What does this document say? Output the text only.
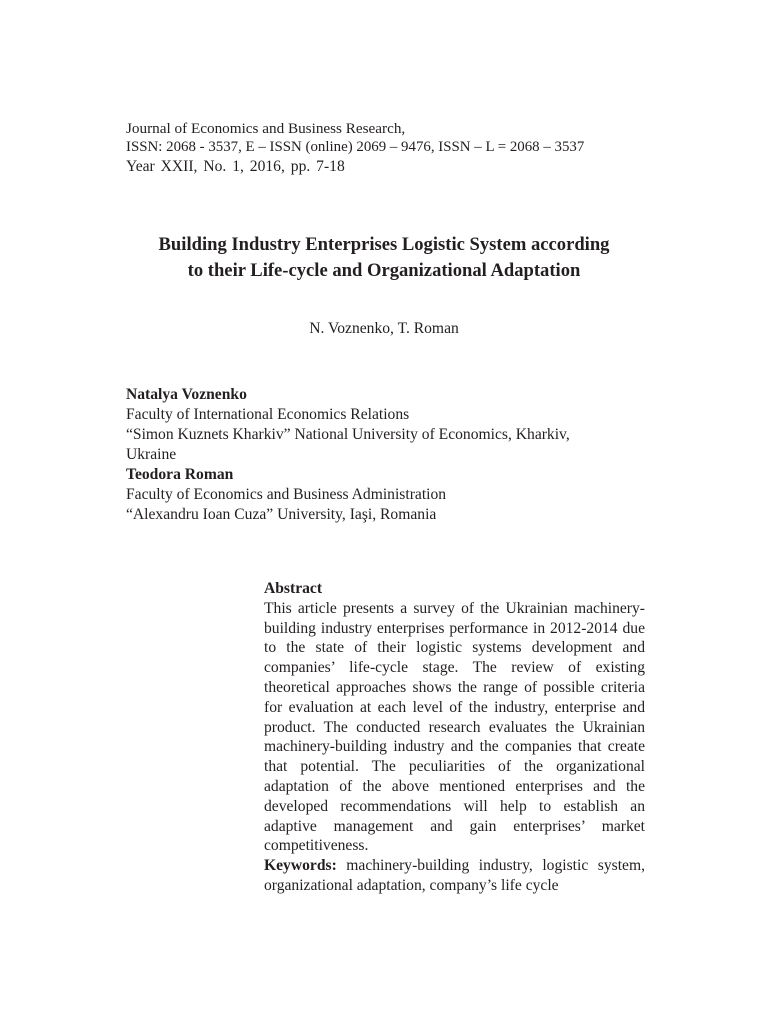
Journal of Economics and Business Research,
ISSN: 2068 - 3537, E – ISSN (online) 2069 – 9476, ISSN – L = 2068 – 3537
Year XXII, No. 1, 2016, pp. 7-18
Building Industry Enterprises Logistic System according
to their Life-cycle and Organizational Adaptation
N. Voznenko, T. Roman
Natalya Voznenko
Faculty of International Economics Relations
“Simon Kuznets Kharkiv” National University of Economics, Kharkiv,
Ukraine
Teodora Roman
Faculty of Economics and Business Administration
“Alexandru Ioan Cuza” University, Iaşi, Romania
Abstract
This article presents a survey of the Ukrainian machinery-building industry enterprises performance in 2012-2014 due to the state of their logistic systems development and companies’ life-cycle stage. The review of existing theoretical approaches shows the range of possible criteria for evaluation at each level of the industry, enterprise and product. The conducted research evaluates the Ukrainian machinery-building industry and the companies that create that potential. The peculiarities of the organizational adaptation of the above mentioned enterprises and the developed recommendations will help to establish an adaptive management and gain enterprises’ market competitiveness.
Keywords: machinery-building industry, logistic system, organizational adaptation, company’s life cycle
